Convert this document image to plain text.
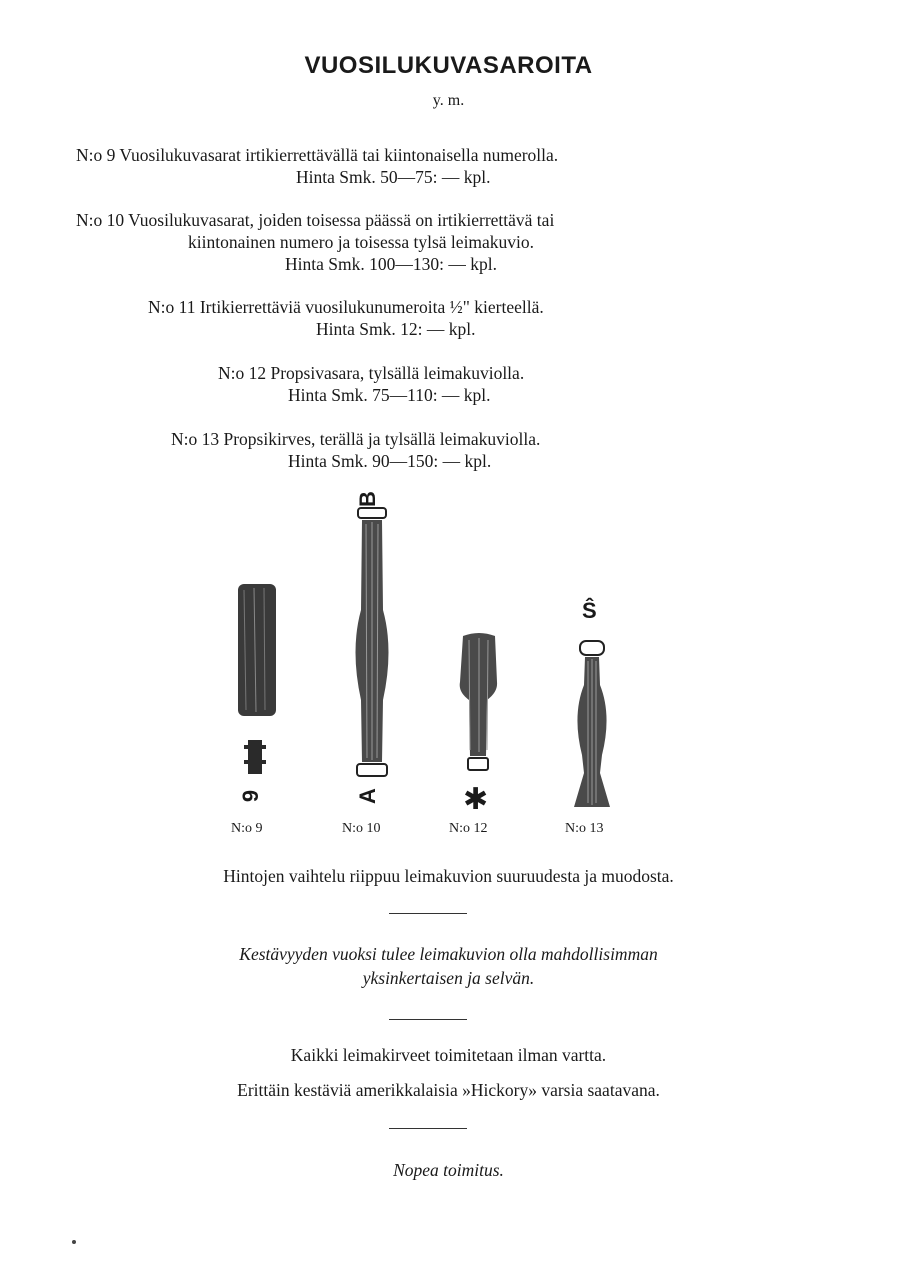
VUOSILUKUVASAROITA
y. m.
N:o 9 Vuosilukuvasarat irtikierrettävällä tai kiintonaisella numerolla.
Hinta Smk. 50—75: — kpl.
N:o 10 Vuosilukuvasarat, joiden toisessa päässä on irtikierrettävä tai
kiintonainen numero ja toisessa tylsä leimakuvio.
Hinta Smk. 100—130: — kpl.
N:o 11 Irtikierrettäviä vuosilukunumeroita ½" kierteellä.
Hinta Smk. 12: — kpl.
N:o 12 Propsivasara, tylsällä leimakuviolla.
Hinta Smk. 75—110: — kpl.
N:o 13 Propsikirves, terällä ja tylsällä leimakuviolla.
Hinta Smk. 90—150: — kpl.
9
B
A	✱
Ŝ
N:o 9	N:o 10	N:o 12	N:o 13
Hintojen vaihtelu riippuu leimakuvion suuruudesta ja muodosta.
Kestävyyden vuoksi tulee leimakuvion olla mahdollisimman
yksinkertaisen ja selvän.
Kaikki leimakirveet toimitetaan ilman vartta.
Erittäin kestäviä amerikkalaisia »Hickory» varsia saatavana.
Nopea toimitus.
